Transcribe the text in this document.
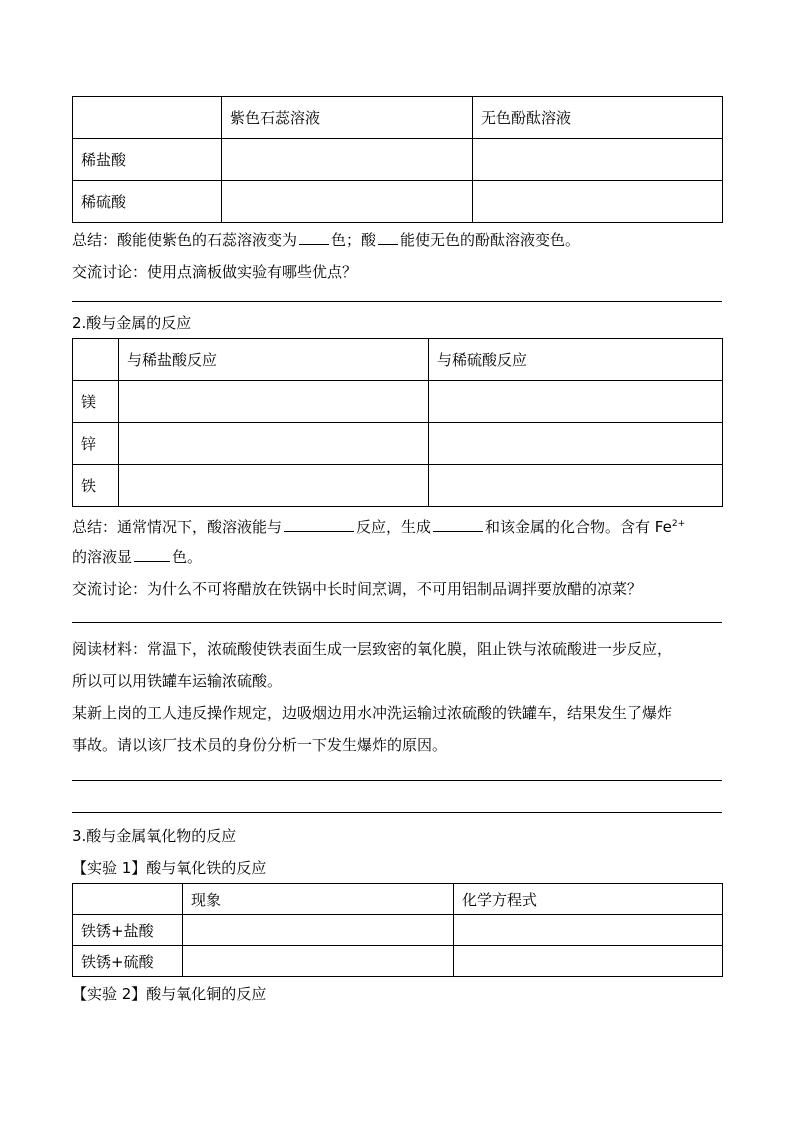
	紫色石蕊溶液	无色酚酞溶液
稀盐酸		
稀硫酸		
总结：酸能使紫色的石蕊溶液变为 色；酸 能使无色的酚酞溶液变色。
交流讨论：使用点滴板做实验有哪些优点？
2.酸与金属的反应
	与稀盐酸反应	与稀硫酸反应
镁		
锌		
铁		
总结：通常情况下，酸溶液能与	反应，生成	和该金属的化合物。含有 $Fe^{2+}$
的溶液显	色。
交流讨论：为什么不可将醋放在铁锅中长时间烹调，不可用铝制品调拌要放醋的凉菜？
阅读材料：常温下，浓硫酸使铁表面生成一层致密的氧化膜，阻止铁与浓硫酸进一步反应，
所以可以用铁罐车运输浓硫酸。
某新上岗的工人违反操作规定，边吸烟边用水冲洗运输过浓硫酸的铁罐车，结果发生了爆炸
事故。请以该厂技术员的身份分析一下发生爆炸的原因。
3.酸与金属氧化物的反应
【实验 1】酸与氧化铁的反应
	现象	化学方程式
铁锈+盐酸		
铁锈+硫酸		
【实验 2】酸与氧化铜的反应
